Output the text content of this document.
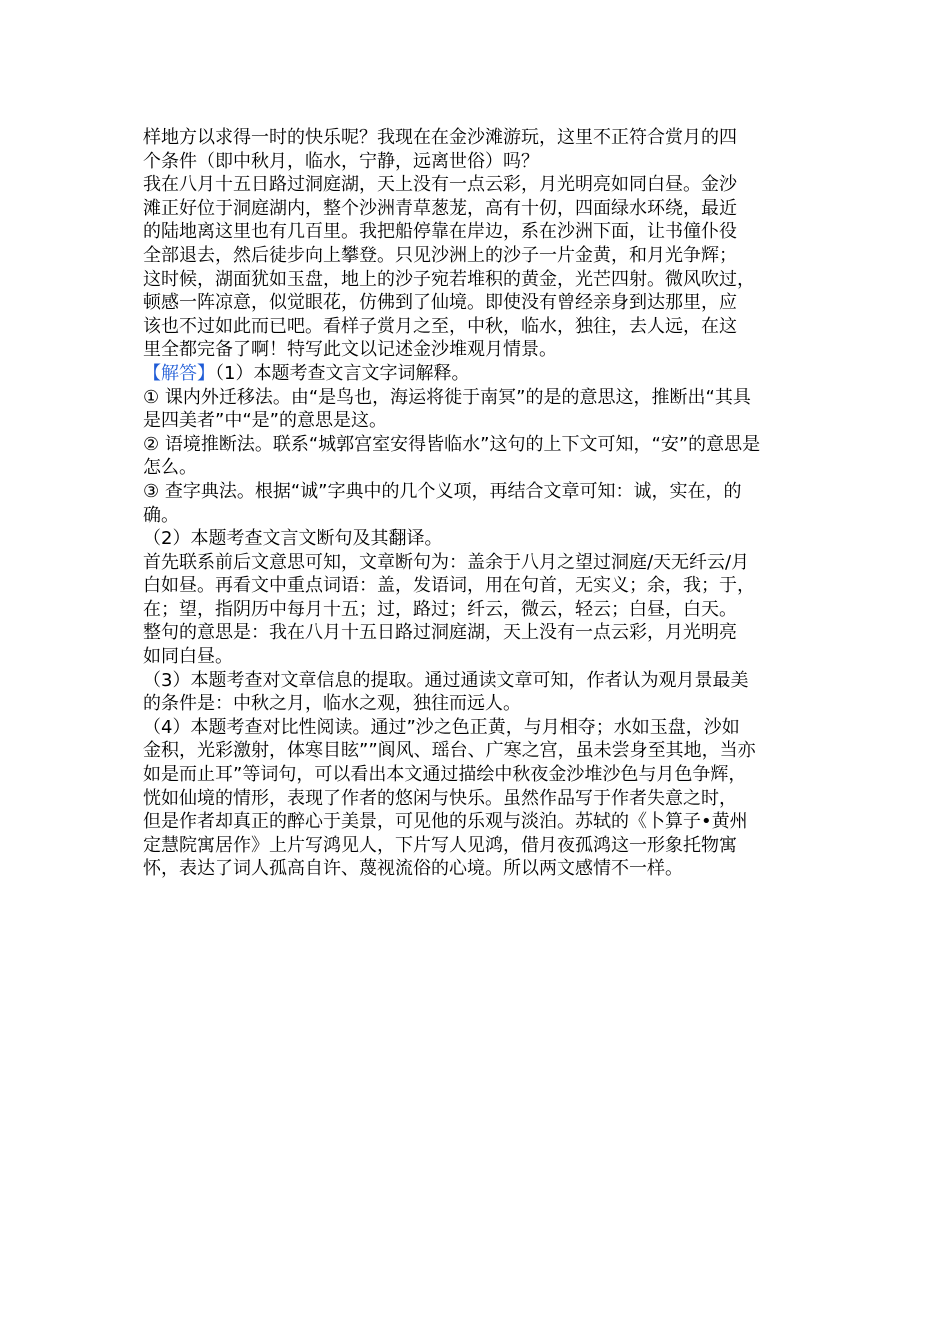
样地方以求得一时的快乐呢？我现在在金沙滩游玩，这里不正符合赏月的四
个条件（即中秋月，临水，宁静，远离世俗）吗？
我在八月十五日路过洞庭湖，天上没有一点云彩，月光明亮如同白昼。金沙
滩正好位于洞庭湖内，整个沙洲青草葱茏，高有十仞，四面绿水环绕，最近
的陆地离这里也有几百里。我把船停靠在岸边，系在沙洲下面，让书僮仆役
全部退去，然后徒步向上攀登。只见沙洲上的沙子一片金黄，和月光争辉；
这时候，湖面犹如玉盘，地上的沙子宛若堆积的黄金，光芒四射。微风吹过，
顿感一阵凉意，似觉眼花，仿佛到了仙境。即使没有曾经亲身到达那里，应
该也不过如此而已吧。看样子赏月之至，中秋，临水，独往，去人远，在这
里全都完备了啊！特写此文以记述金沙堆观月情景。
【解答】（1）本题考查文言文字词解释。
① 课内外迁移法。由“是鸟也，海运将徙于南冥”的是的意思这，推断出“其具
是四美者”中“是”的意思是这。
② 语境推断法。联系“城郭宫室安得皆临水”这句的上下文可知，“安”的意思是
怎么。
③ 查字典法。根据“诚”字典中的几个义项，再结合文章可知：诚，实在，的
确。
（2）本题考查文言文断句及其翻译。
首先联系前后文意思可知，文章断句为：盖余于八月之望过洞庭/天无纤云/月
白如昼。再看文中重点词语：盖，发语词，用在句首，无实义；余，我；于，
在；望，指阴历中每月十五；过，路过；纤云，微云，轻云；白昼，白天。
整句的意思是：我在八月十五日路过洞庭湖，天上没有一点云彩，月光明亮
如同白昼。
（3）本题考查对文章信息的提取。通过通读文章可知，作者认为观月景最美
的条件是：中秋之月，临水之观，独往而远人。
（4）本题考查对比性阅读。通过”沙之色正黄，与月相夺；水如玉盘，沙如
金积，光彩激射，体寒目眩””阆风、瑶台、广寒之宫，虽未尝身至其地，当亦
如是而止耳”等词句，可以看出本文通过描绘中秋夜金沙堆沙色与月色争辉，
恍如仙境的情形，表现了作者的悠闲与快乐。虽然作品写于作者失意之时，
但是作者却真正的醉心于美景，可见他的乐观与淡泊。苏轼的《卜算子•黄州
定慧院寓居作》上片写鸿见人，下片写人见鸿，借月夜孤鸿这一形象托物寓
怀，表达了词人孤高自许、蔑视流俗的心境。所以两文感情不一样。
